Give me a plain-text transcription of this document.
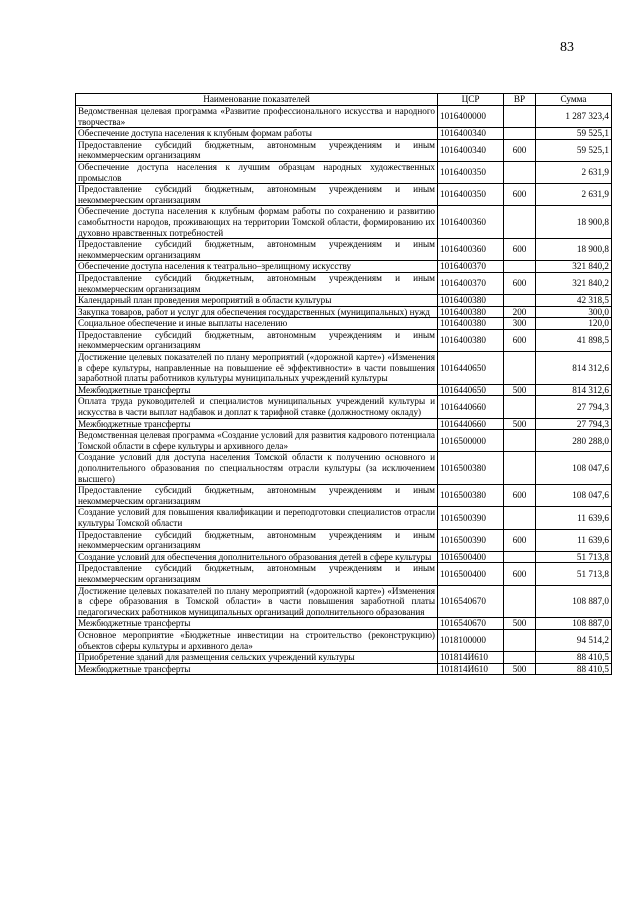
83
Наименование показателей	ЦСР	ВР	Сумма
Ведомственная целевая программа «Развитие профессионального искусства и народного творчества»	1016400000		1 287 323,4
Обеспечение доступа населения к клубным формам работы	1016400340		59 525,1
Предоставление субсидий бюджетным, автономным учреждениям и иным некоммерческим организациям	1016400340	600	59 525,1
Обеспечение доступа населения к лучшим образцам народных художественных промыслов	1016400350		2 631,9
Предоставление субсидий бюджетным, автономным учреждениям и иным некоммерческим организациям	1016400350	600	2 631,9
Обеспечение доступа населения к клубным формам работы по сохранению и развитию самобытности народов, проживающих на территории Томской области, формированию их духовно нравственных потребностей	1016400360		18 900,8
Предоставление субсидий бюджетным, автономным учреждениям и иным некоммерческим организациям	1016400360	600	18 900,8
Обеспечение доступа населения к театрально–зрелищному искусству	1016400370		321 840,2
Предоставление субсидий бюджетным, автономным учреждениям и иным некоммерческим организациям	1016400370	600	321 840,2
Календарный план проведения мероприятий в области культуры	1016400380		42 318,5
Закупка товаров, работ и услуг для обеспечения государственных (муниципальных) нужд	1016400380	200	300,0
Социальное обеспечение и иные выплаты населению	1016400380	300	120,0
Предоставление субсидий бюджетным, автономным учреждениям и иным некоммерческим организациям	1016400380	600	41 898,5
Достижение целевых показателей по плану мероприятий («дорожной карте») «Изменения в сфере культуры, направленные на повышение её эффективности» в части повышения заработной платы работников культуры муниципальных учреждений культуры	1016440650		814 312,6
Межбюджетные трансферты	1016440650	500	814 312,6
Оплата труда руководителей и специалистов муниципальных учреждений культуры и искусства в части выплат надбавок и доплат к тарифной ставке (должностному окладу)	1016440660		27 794,3
Межбюджетные трансферты	1016440660	500	27 794,3
Ведомственная целевая программа «Создание условий для развития кадрового потенциала Томской области в сфере культуры и архивного дела»	1016500000		280 288,0
Создание условий для доступа населения Томской области к получению основного и дополнительного образования по специальностям отрасли культуры (за исключением высшего)	1016500380		108 047,6
Предоставление субсидий бюджетным, автономным учреждениям и иным некоммерческим организациям	1016500380	600	108 047,6
Создание условий для повышения квалификации и переподготовки специалистов отрасли культуры Томской области	1016500390		11 639,6
Предоставление субсидий бюджетным, автономным учреждениям и иным некоммерческим организациям	1016500390	600	11 639,6
Создание условий для обеспечения дополнительного образования детей в сфере культуры	1016500400		51 713,8
Предоставление субсидий бюджетным, автономным учреждениям и иным некоммерческим организациям	1016500400	600	51 713,8
Достижение целевых показателей по плану мероприятий («дорожной карте») «Изменения в сфере образования в Томской области» в части повышения заработной платы педагогических работников муниципальных организаций дополнительного образования	1016540670		108 887,0
Межбюджетные трансферты	1016540670	500	108 887,0
Основное мероприятие «Бюджетные инвестиции на строительство (реконструкцию) объектов сферы культуры и архивного дела»	1018100000		94 514,2
Приобретение зданий для размещения сельских учреждений культуры	101814И610		88 410,5
Межбюджетные трансферты	101814И610	500	88 410,5
